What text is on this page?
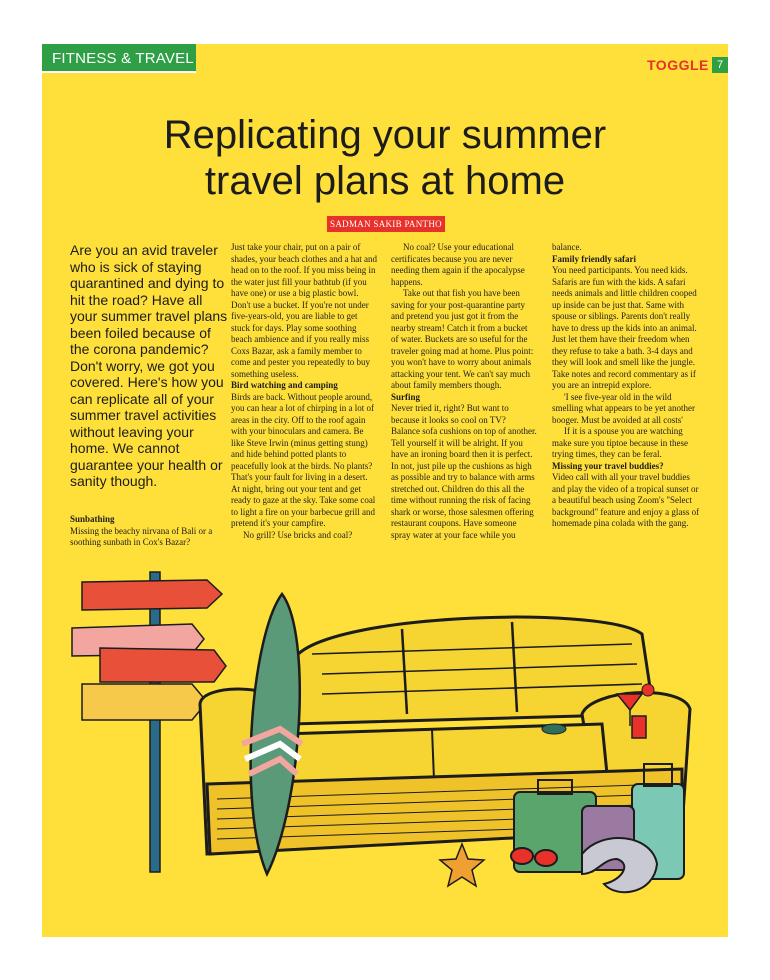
FITNESS & TRAVEL	TOGGLE 7
Replicating your summer
travel plans at home
SADMAN SAKIB PANTHO
Are you an avid traveler who is sick of staying quarantined and dying to hit the road? Have all your summer travel plans been foiled because of the corona pandemic? Don't worry, we got you covered. Here's how you can replicate all of your summer travel activities without leaving your home. We cannot guarantee your health or sanity though.

Sunbathing

Missing the beachy nirvana of Bali or a soothing sunbath in Cox's Bazar?

Just take your chair, put on a pair of shades, your beach clothes and a hat and head on to the roof. If you miss being in the water just fill your bathtub (if you have one) or use a big plastic bowl. Don't use a bucket. If you're not under five-years-old, you are liable to get stuck for days. Play some soothing beach ambience and if you really miss Coxs Bazar, ask a family member to come and pester you repeatedly to buy something useless.

Bird watching and camping

Birds are back. Without people around, you can hear a lot of chirping in a lot of areas in the city. Off to the roof again with your binoculars and camera. Be like Steve Irwin (minus getting stung) and hide behind potted plants to peacefully look at the birds. No plants? That's your fault for living in a desert. At night, bring out your tent and get ready to gaze at the sky. Take some coal to light a fire on your barbecue grill and pretend it's your campfire.

No grill? Use bricks and coal?

No coal? Use your educational certificates because you are never needing them again if the apocalypse happens.

Take out that fish you have been saving for your post-quarantine party and pretend you just got it from the nearby stream! Catch it from a bucket of water. Buckets are so useful for the traveler going mad at home. Plus point: you won't have to worry about animals attacking your tent. We can't say much about family members though.

Surfing

Never tried it, right? But want to because it looks so cool on TV? Balance sofa cushions on top of another. Tell yourself it will be alright. If you have an ironing board then it is perfect. In not, just pile up the cushions as high as possible and try to balance with arms stretched out. Children do this all the time without running the risk of facing shark or worse, those salesmen offering restaurant coupons. Have someone spray water at your face while you

balance.

Family friendly safari

You need participants. You need kids. Safaris are fun with the kids. A safari needs animals and little children cooped up inside can be just that. Same with spouse or siblings. Parents don't really have to dress up the kids into an animal. Just let them have their freedom when they refuse to take a bath. 3-4 days and they will look and smell like the jungle. Take notes and record commentary as if you are an intrepid explore.

'I see five-year old in the wild smelling what appears to be yet another booger. Must be avoided at all costs'

If it is a spouse you are watching make sure you tiptoe because in these trying times, they can be feral.

Missing your travel buddies?

Video call with all your travel buddies and play the video of a tropical sunset or a beautiful beach using Zoom's "Select background" feature and enjoy a glass of homemade pina colada with the gang.
